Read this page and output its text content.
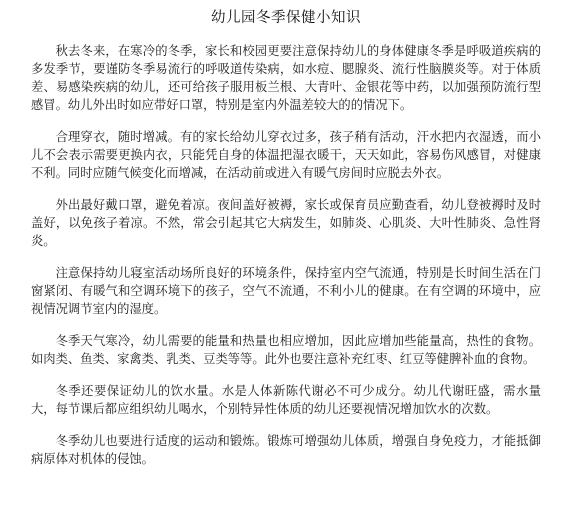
幼儿园冬季保健小知识

秋去冬来，在寒冷的冬季，家长和校园更要注意保持幼儿的身体健康冬季是呼吸道疾病的多发季节，要谨防冬季易流行的呼吸道传染病，如水痘、腮腺炎、流行性脑膜炎等。对于体质差、易感染疾病的幼儿，还可给孩子服用板兰根、大青叶、金银花等中药，以加强预防流行型感冒。幼儿外出时如应带好口罩，特别是室内外温差较大的的情况下。

合理穿衣，随时增减。有的家长给幼儿穿衣过多，孩子稍有活动，汗水把内衣湿透，而小儿不会表示需要更换内衣，只能凭自身的体温把湿衣暖干，天天如此，容易伤风感冒，对健康不利。同时应随气候变化而增减，在活动前或进入有暖气房间时应脱去外衣。

外出最好戴口罩，避免着凉。夜间盖好被褥，家长或保育员应勤查看，幼儿登被褥时及时盖好，以免孩子着凉。不然，常会引起其它大病发生，如肺炎、心肌炎、大叶性肺炎、急性肾炎。

注意保持幼儿寝室活动场所良好的环境条件，保持室内空气流通，特别是长时间生活在门窗紧闭、有暖气和空调环境下的孩子，空气不流通，不利小儿的健康。在有空调的环境中，应视情况调节室内的湿度。

冬季天气寒冷，幼儿需要的能量和热量也相应增加，因此应增加些能量高，热性的食物。如肉类、鱼类、家禽类、乳类、豆类等等。此外也要注意补充红枣、红豆等健脾补血的食物。

冬季还要保证幼儿的饮水量。水是人体新陈代谢必不可少成分。幼儿代谢旺盛，需水量大，每节课后都应组织幼儿喝水，个别特异性体质的幼儿还要视情况增加饮水的次数。

冬季幼儿也要进行适度的运动和锻炼。锻炼可增强幼儿体质，增强自身免疫力，才能抵御病原体对机体的侵蚀。
